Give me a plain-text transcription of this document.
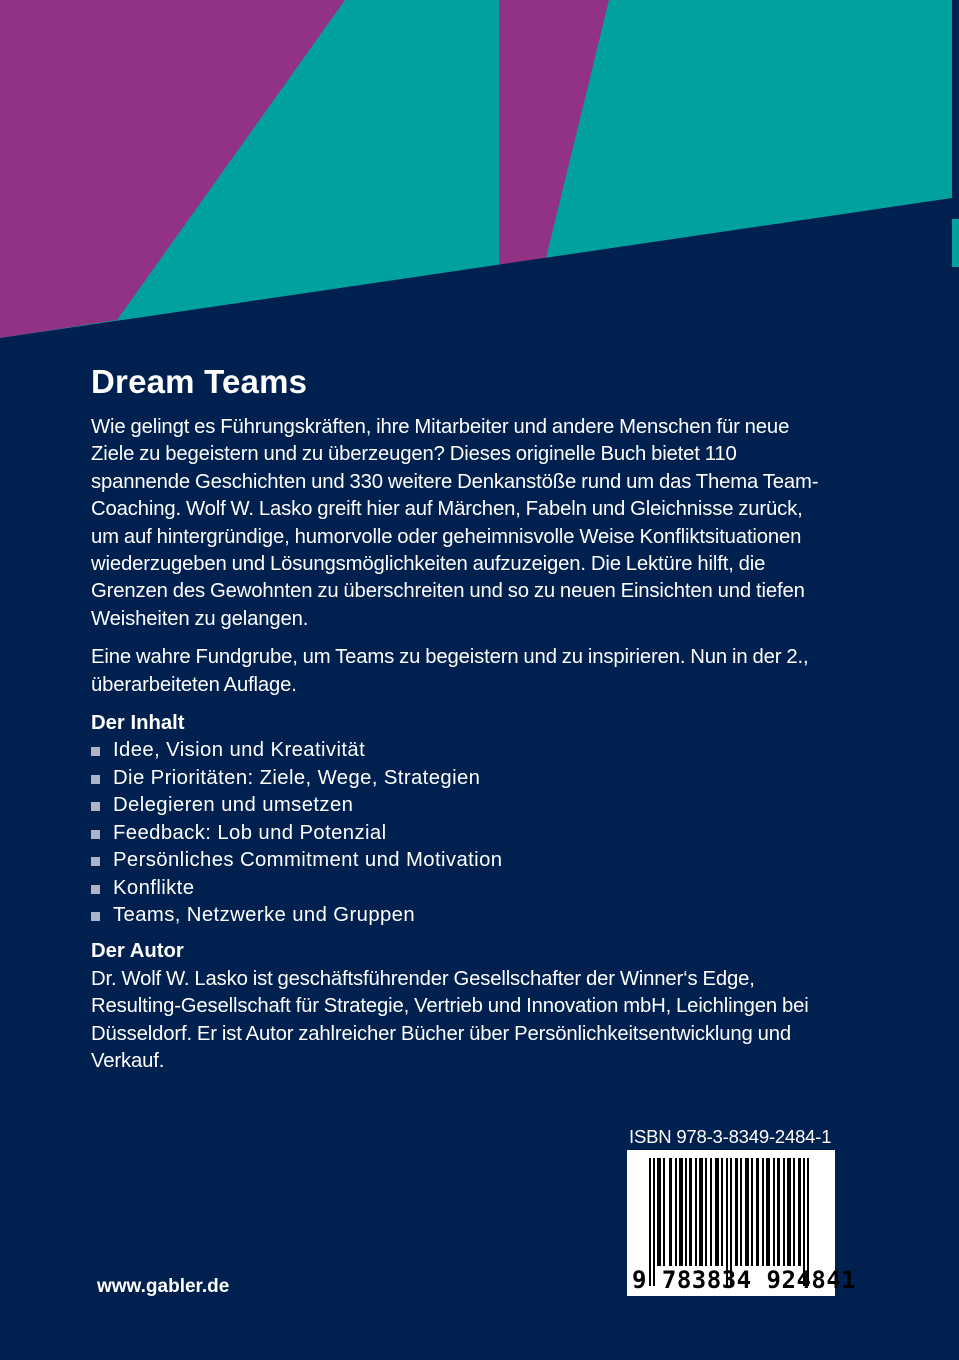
Dream Teams

Wie gelingt es Führungskräften, ihre Mitarbeiter und andere Menschen für neue Ziele zu begeistern und zu überzeugen? Dieses originelle Buch bietet 110 spannende Geschichten und 330 weitere Denkanstöße rund um das Thema Team-Coaching. Wolf W. Lasko greift hier auf Märchen, Fabeln und Gleichnisse zurück, um auf hintergründige, humorvolle oder geheimnisvolle Weise Konfliktsituationen wiederzugeben und Lösungsmöglichkeiten aufzuzeigen. Die Lektüre hilft, die Grenzen des Gewohnten zu überschreiten und so zu neuen Einsichten und tiefen Weisheiten zu gelangen.

Eine wahre Fundgrube, um Teams zu begeistern und zu inspirieren. Nun in der 2., überarbeiteten Auflage.

Der Inhalt
Idee, Vision und Kreativität
Die Prioritäten: Ziele, Wege, Strategien
Delegieren und umsetzen
Feedback: Lob und Potenzial
Persönliches Commitment und Motivation
Konflikte
Teams, Netzwerke und Gruppen
Der Autor

Dr. Wolf W. Lasko ist geschäftsführender Gesellschafter der Winner‘s Edge, Resulting-Gesellschaft für Strategie, Vertrieb und Innovation mbH, Leichlingen bei Düsseldorf. Er ist Autor zahlreicher Bücher über Persönlichkeitsentwicklung und Verkauf.

ISBN 978-3-8349-2484-1
9 783834 924841
www.gabler.de
